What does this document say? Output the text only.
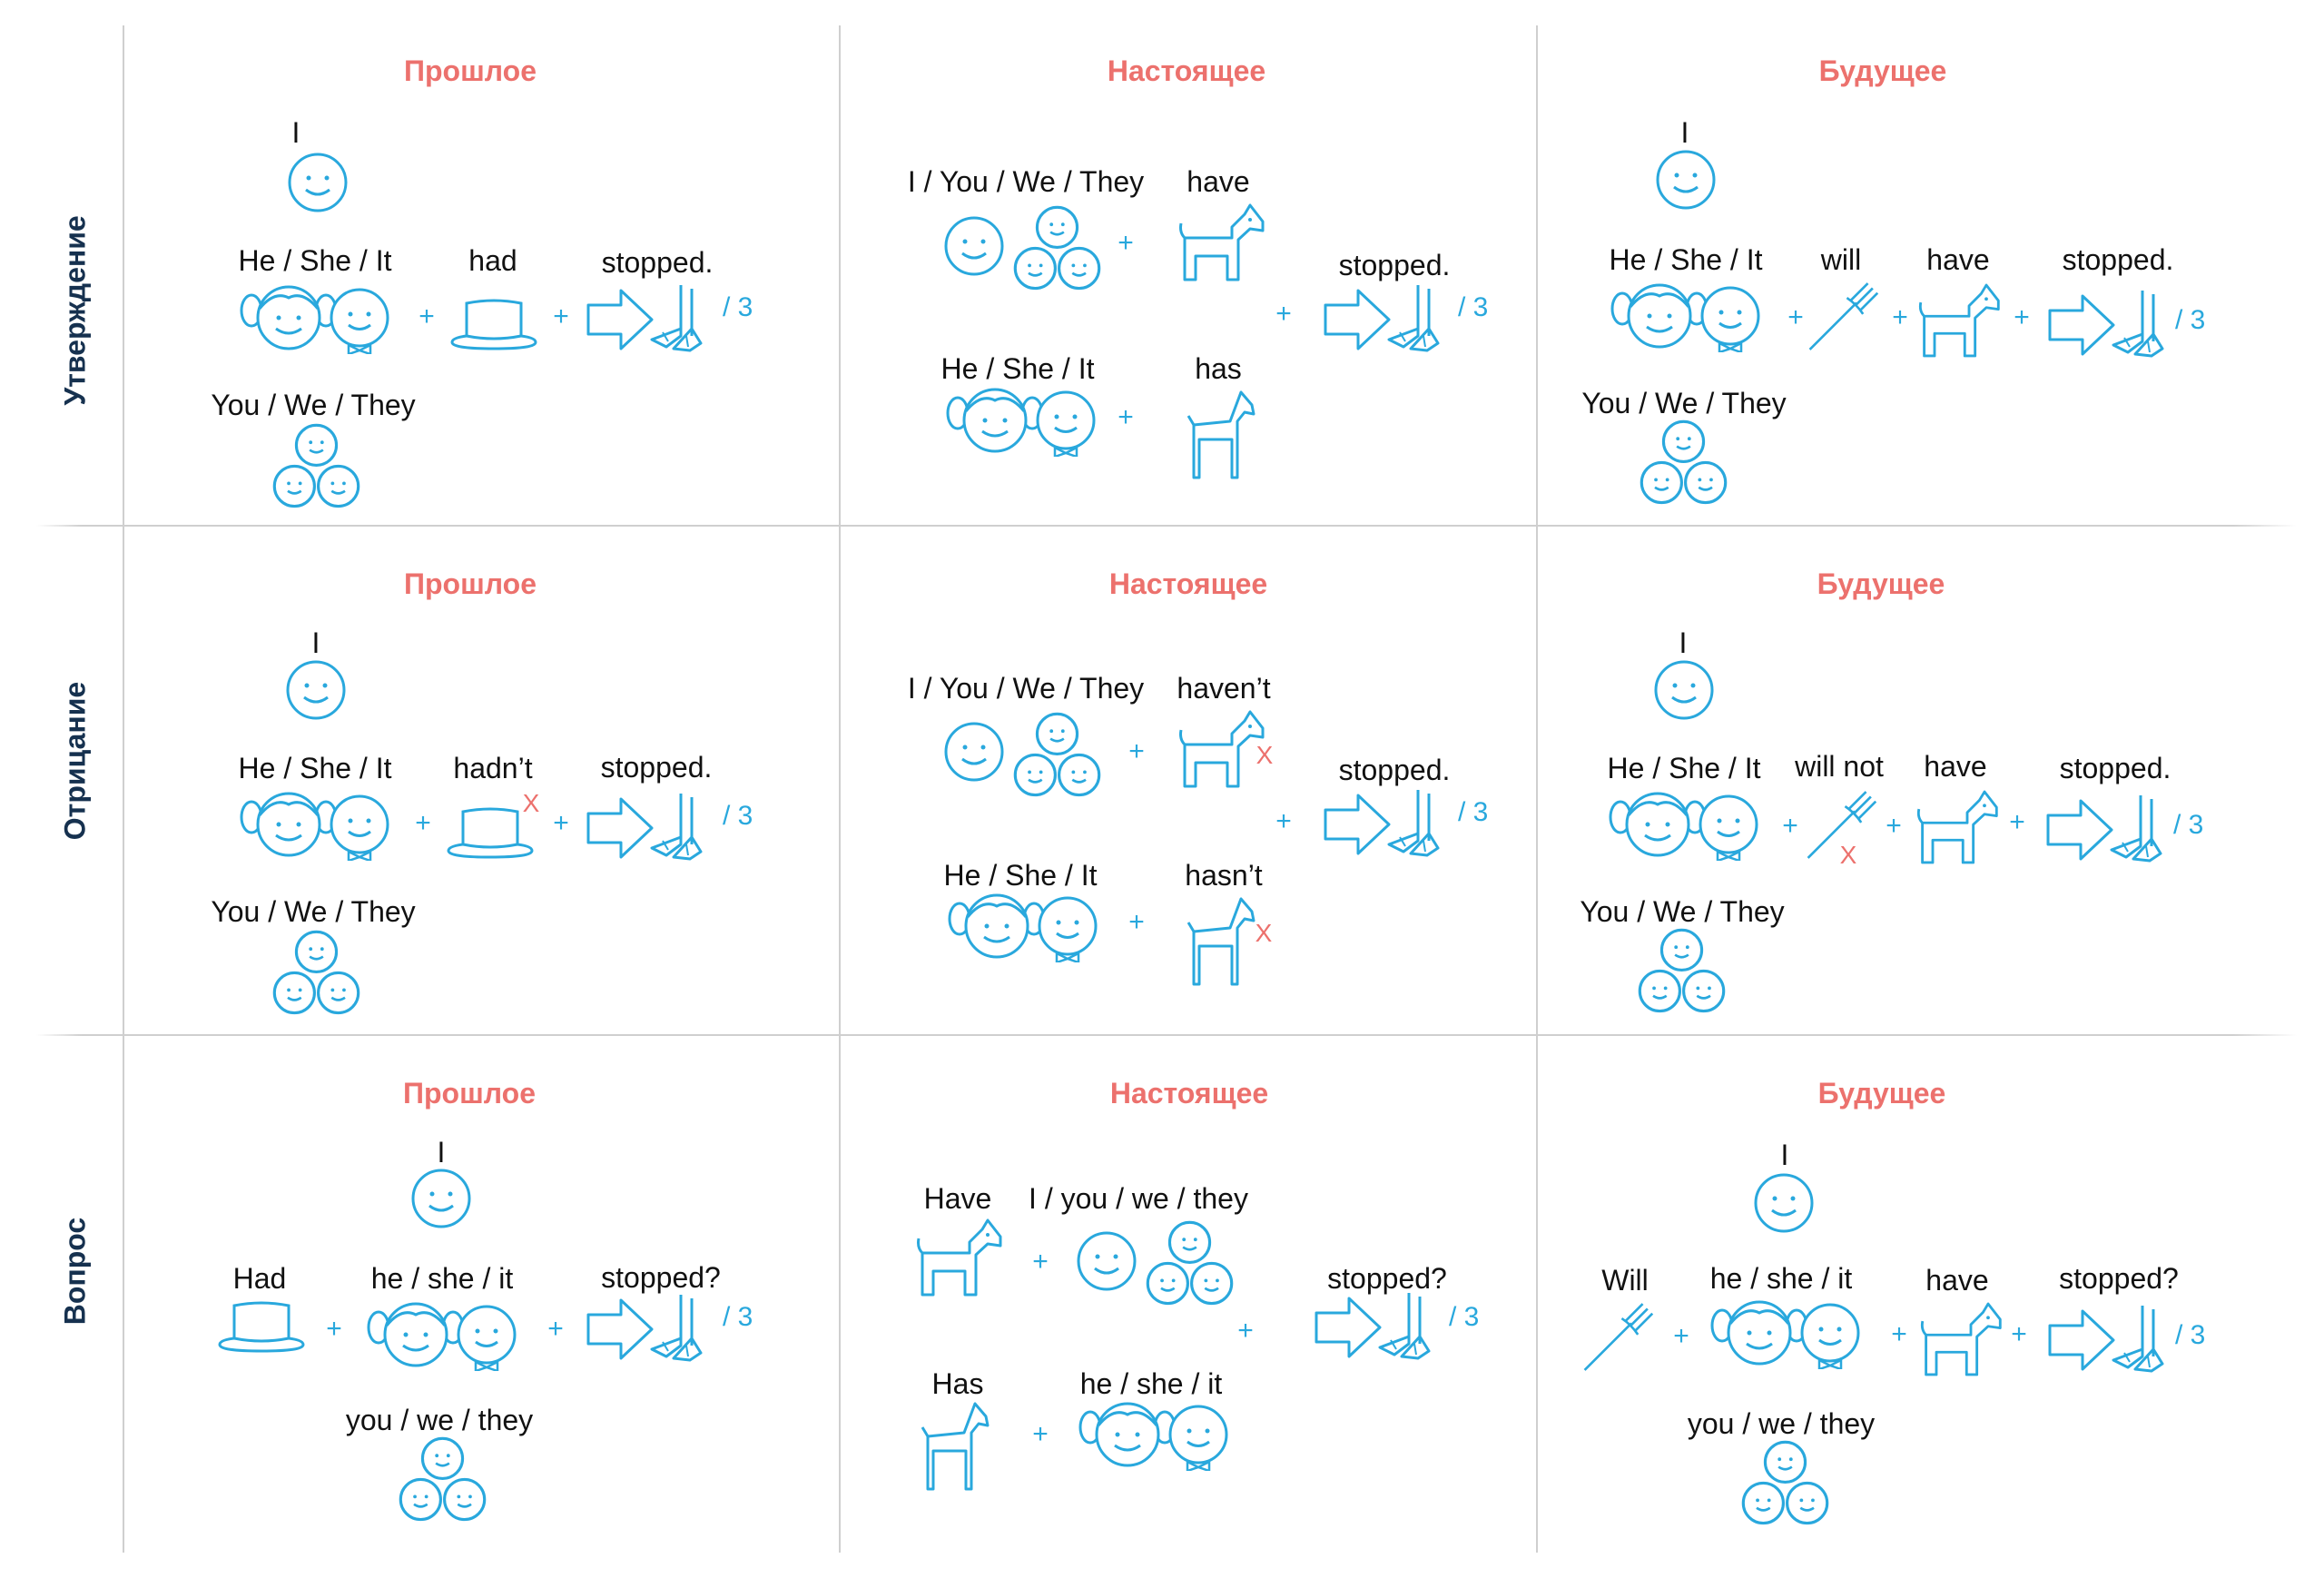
Утверждение
Отрицание
Вопрос
Прошлое
I
He / She / It
+
had
+
stopped.
/ 3
You / We / They
Настоящее
I / You / We / They
+
have
He / She / It
+
has
+
stopped.
/ 3
Будущее
I
He / She / It
+
will
+
have
+
stopped.
/ 3
You / We / They
Прошлое
I
He / She / It
+
hadn’t
X
+
stopped.
/ 3
You / We / They
Настоящее
I / You / We / They
+
haven’t
X
He / She / It
+
hasn’t
X
+
stopped.
/ 3
Будущее
I
He / She / It
+
will not
X
+
have
+
stopped.
/ 3
You / We / They
Прошлое
I
Had
+
he / she / it
+
stopped?
/ 3
you / we / they
Настоящее
Have
+
I / you / we / they
Has
+
he / she / it
+
stopped?
/ 3
Будущее
I
Will
+
he / she / it
+
have
+
stopped?
/ 3
you / we / they
